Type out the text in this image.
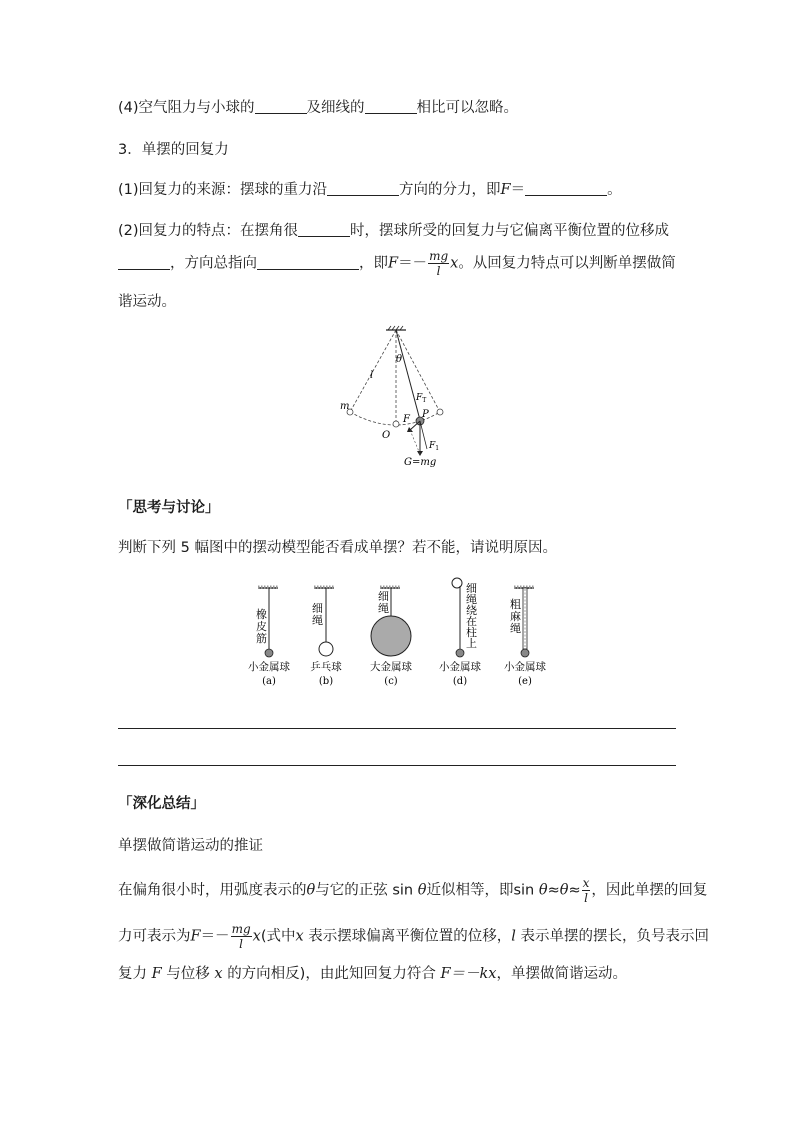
(4)空气阻力与小球的	及细线的	相比可以忽略。
3．单摆的回复力
(1)回复力的来源：摆球的重力沿	方向的分力，即F＝	。
(2)回复力的特点：在摆角很	时，摆球所受的回复力与它偏离平衡位置的位移成
，方向总指向	，即$F=- \frac{mg}{l}$ x。从回复力特点可以判断单摆做简
谐运动。
l
θ
m
O
F P
$F_T$
$F_1$
G=mg
「思考与讨论」
判断下列 5 幅图中的摆动模型能否看成单摆？若不能，请说明原因。
橡皮筋
小金属球
(a)
细绳
乒乓球
(b)
细绳
大金属球
(c)
细绳绕在柱上
小金属球
(d)
粗麻绳
小金属球
(e)
「深化总结」
单摆做简谐运动的推证
在偏角很小时，用弧度表示的θ与它的正弦 sin θ近似相等，即$\sin \theta\approx\theta\approx \frac{x}{l}$ ，因此单摆的回复
力可表示为$F=- \frac{mg}{l} x$(式中x 表示摆球偏离平衡位置的位移，l 表示单摆的摆长，负号表示回
复力 F 与位移 x 的方向相反)，由此知回复力符合 F＝－kx，单摆做简谐运动。
